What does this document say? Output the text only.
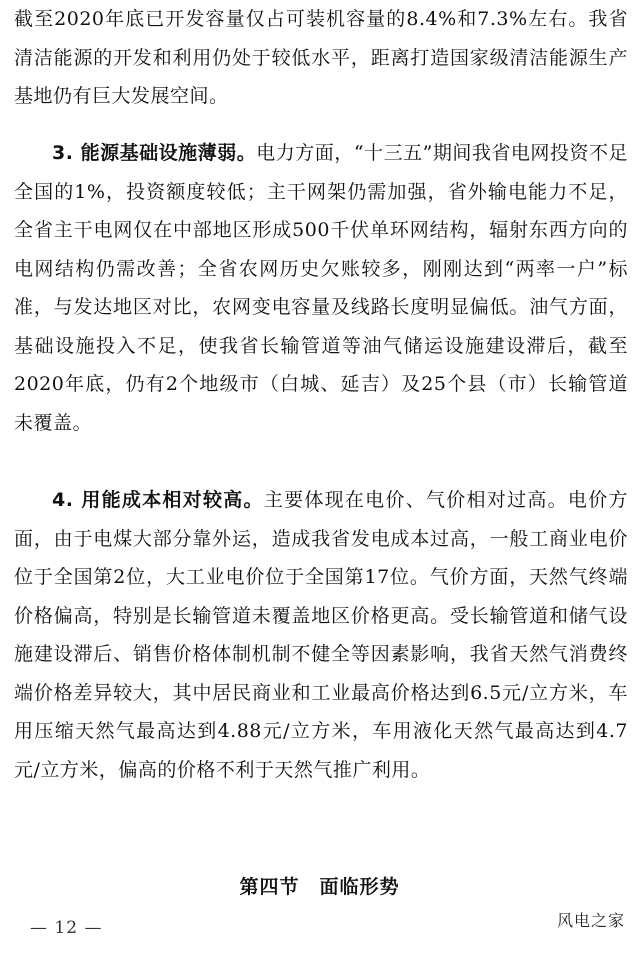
截至2020年底已开发容量仅占可装机容量的8.4%和7.3%左右。我省清洁能源的开发和利用仍处于较低水平，距离打造国家级清洁能源生产基地仍有巨大发展空间。
3. 能源基础设施薄弱。电力方面，“十三五”期间我省电网投资不足全国的1%，投资额度较低；主干网架仍需加强，省外输电能力不足，全省主干电网仅在中部地区形成500千伏单环网结构，辐射东西方向的电网结构仍需改善；全省农网历史欠账较多，刚刚达到“两率一户”标准，与发达地区对比，农网变电容量及线路长度明显偏低。油气方面，基础设施投入不足，使我省长输管道等油气储运设施建设滞后，截至2020年底，仍有2个地级市（白城、延吉）及25个县（市）长输管道未覆盖。
4. 用能成本相对较高。主要体现在电价、气价相对过高。电价方面，由于电煤大部分靠外运，造成我省发电成本过高，一般工商业电价位于全国第2位，大工业电价位于全国第17位。气价方面，天然气终端价格偏高，特别是长输管道未覆盖地区价格更高。受长输管道和储气设施建设滞后、销售价格体制机制不健全等因素影响，我省天然气消费终端价格差异较大，其中居民商业和工业最高价格达到6.5元/立方米，车用压缩天然气最高达到4.88元/立方米，车用液化天然气最高达到4.7元/立方米，偏高的价格不利于天然气推广利用。
第四节　面临形势
— 12 —	风电之家
